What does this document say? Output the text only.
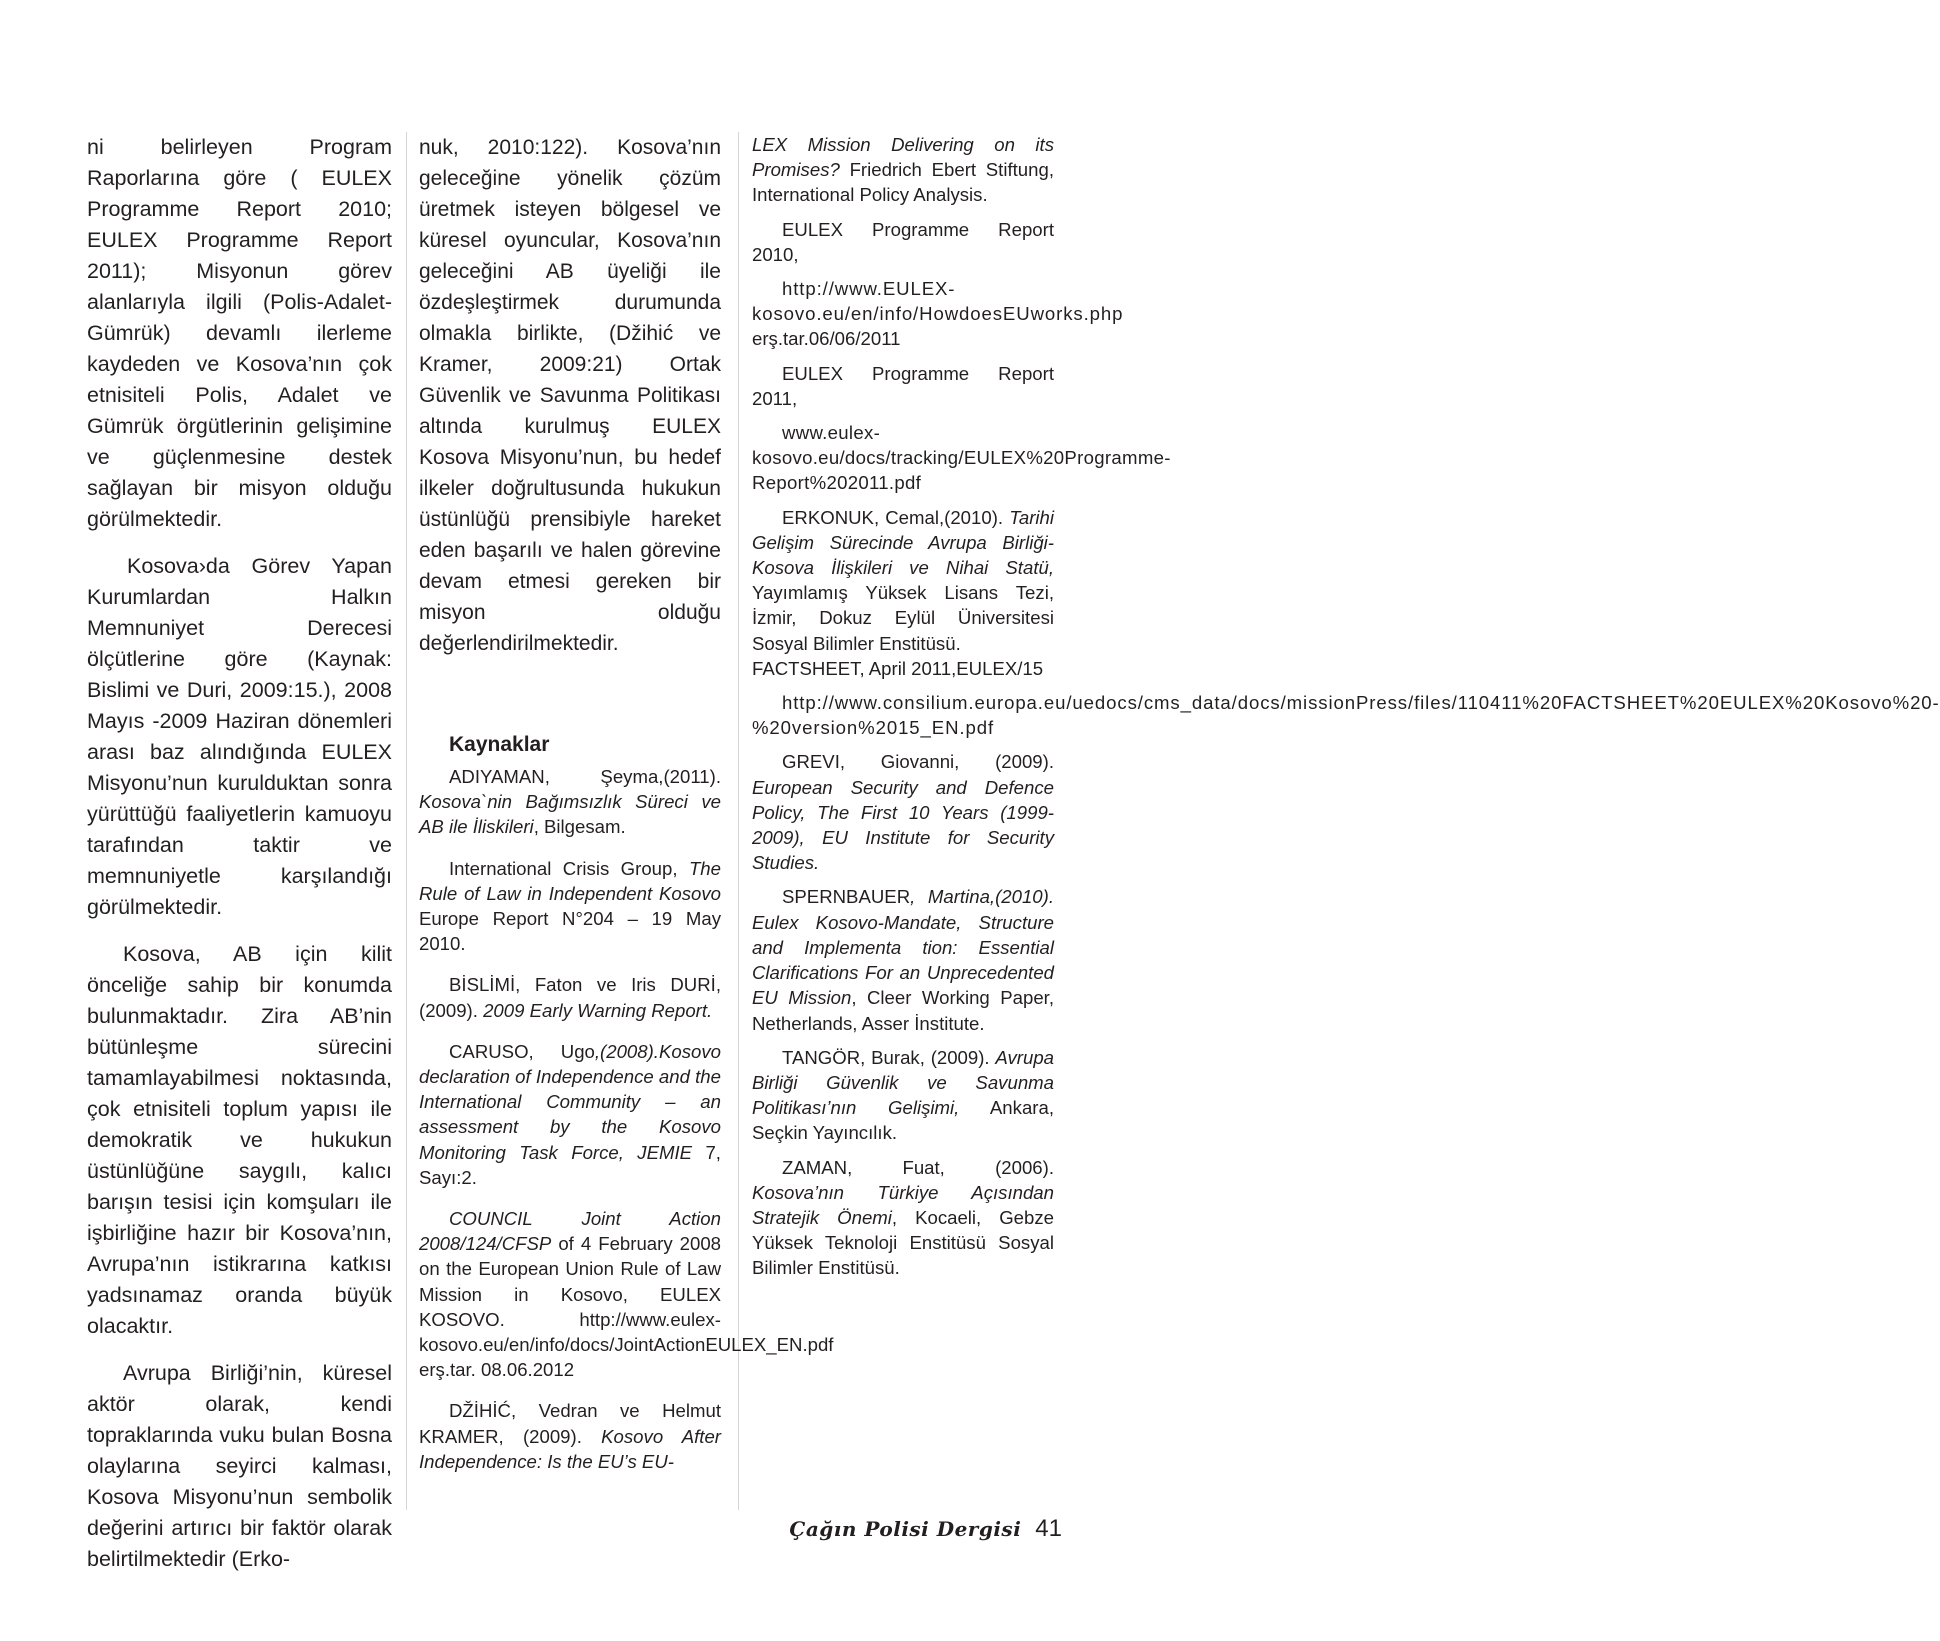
ni belirleyen Program Raporlarına göre ( EULEX Programme Report 2010; EULEX Programme Report 2011); Misyonun görev alanlarıyla ilgili (Polis-Adalet-Gümrük) devamlı ilerleme kaydeden ve Kosova’nın çok etnisiteli Polis, Adalet ve Gümrük örgütlerinin gelişimine ve güçlenmesine destek sağlayan bir misyon olduğu görülmektedir.

Kosova›da Görev Yapan Kurumlardan Halkın Memnuniyet Derecesi ölçütlerine göre (Kaynak: Bislimi ve Duri, 2009:15.), 2008 Mayıs -2009 Haziran dönemleri arası baz alındığında EULEX Misyonu’nun kurulduktan sonra yürüttüğü faaliyetlerin kamuoyu tarafından taktir ve memnuniyetle karşılandığı görülmektedir.

Kosova, AB için kilit önceliğe sahip bir konumda bulunmaktadır. Zira AB’nin bütünleşme sürecini tamamlayabilmesi noktasında, çok etnisiteli toplum yapısı ile demokratik ve hukukun üstünlüğüne saygılı, kalıcı barışın tesisi için komşuları ile işbirliğine hazır bir Kosova’nın, Avrupa’nın istikrarına katkısı yadsınamaz oranda büyük olacaktır.

Avrupa Birliği’nin, küresel aktör olarak, kendi topraklarında vuku bulan Bosna olaylarına seyirci kalması, Kosova Misyonu’nun sembolik değerini artırıcı bir faktör olarak belirtilmektedir (Erko-

nuk, 2010:122). Kosova’nın geleceğine yönelik çözüm üretmek isteyen bölgesel ve küresel oyuncular, Kosova’nın geleceğini AB üyeliği ile özdeşleştirmek durumunda olmakla birlikte, (Džihić ve Kramer, 2009:21) Ortak Güvenlik ve Savunma Politikası altında kurulmuş EULEX Kosova Misyonu’nun, bu hedef ilkeler doğrultusunda hukukun üstünlüğü prensibiyle hareket eden başarılı ve halen görevine devam etmesi gereken bir misyon olduğu değerlendirilmektedir.

Kaynaklar

ADIYAMAN, Şeyma,(2011). Kosova`nin Bağımsızlık Süreci ve AB ile İliskileri, Bilgesam.

International Crisis Group, The Rule of Law in Independent Kosovo Europe Report N°204 – 19 May 2010.

BİSLİMİ, Faton ve Iris DURİ,(2009). 2009 Early Warning Report.

CARUSO, Ugo,(2008).Kosovo declaration of Independence and the International Community – an assessment by the Kosovo Monitoring Task Force, JEMIE 7, Sayı:2.

COUNCIL Joint Action 2008/124/CFSP of 4 February 2008 on the European Union Rule of Law Mission in Kosovo, EULEX KOSOVO. http://www.eulex-kosovo.eu/en/info/docs/JointActionEULEX_EN.pdf erş.tar. 08.06.2012

DŽİHİĆ, Vedran ve Helmut KRAMER, (2009). Kosovo After Independence: Is the EU’s EU-

LEX Mission Delivering on its Promises? Friedrich Ebert Stiftung, International Policy Analysis.

EULEX Programme Report 2010,

http://www.EULEX-kosovo.eu/en/info/HowdoesEUworks.php erş.tar.06/06/2011

EULEX Programme Report 2011,

www.eulex-kosovo.eu/docs/tracking/EULEX%20Programme-Report%202011.pdf

ERKONUK, Cemal,(2010). Tarihi Gelişim Sürecinde Avrupa Birliği-Kosova İlişkileri ve Nihai Statü, Yayımlamış Yüksek Lisans Tezi, İzmir, Dokuz Eylül Üniversitesi Sosyal Bilimler Enstitüsü.

FACTSHEET, April 2011,EULEX/15

http://www.consilium.europa.eu/uedocs/cms_data/docs/missionPress/files/110411%20FACTSHEET%20EULEX%20Kosovo%20-%20version%2015_EN.pdf

GREVI, Giovanni, (2009). European Security and Defence Policy, The First 10 Years (1999-2009), EU Institute for Security Studies.

SPERNBAUER, Martina,(2010). Eulex Kosovo-Mandate, Structure and Implementa tion: Essential Clarifications For an Unprecedented EU Mission, Cleer Working Paper, Netherlands, Asser İnstitute.

TANGÖR, Burak, (2009). Avrupa Birliği Güvenlik ve Savunma Politikası’nın Gelişimi, Ankara, Seçkin Yayıncılık.

ZAMAN, Fuat, (2006). Kosova’nın Türkiye Açısından Stratejik Önemi, Kocaeli, Gebze Yüksek Teknoloji Enstitüsü Sosyal Bilimler Enstitüsü.

Çağın Polisi Dergisi 41
